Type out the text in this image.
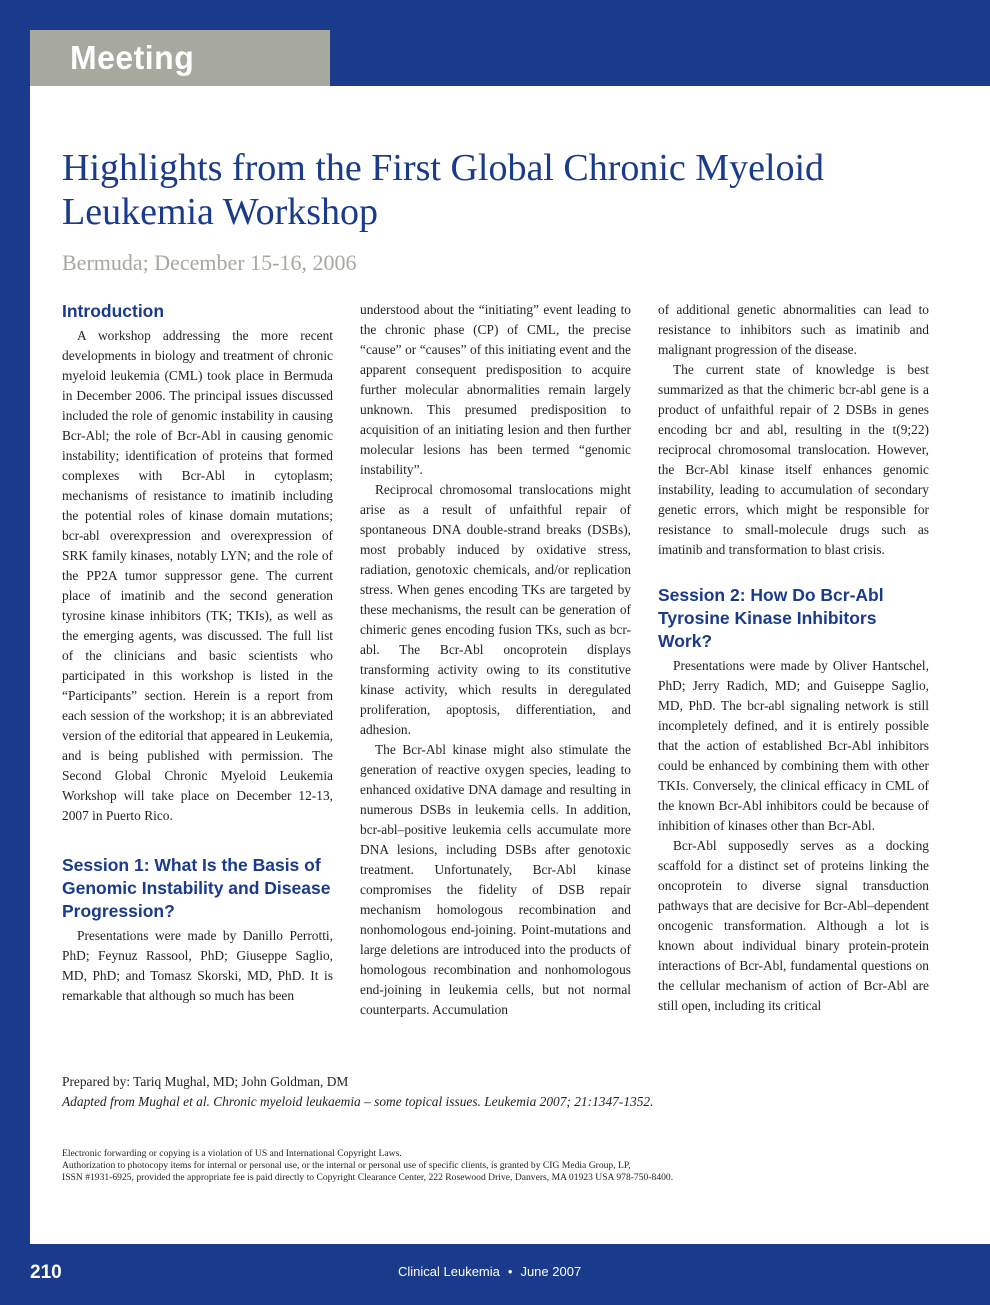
Meeting Highlights
Highlights from the First Global Chronic Myeloid Leukemia Workshop
Bermuda; December 15-16, 2006
Introduction

A workshop addressing the more recent developments in biology and treatment of chronic myeloid leukemia (CML) took place in Bermuda in December 2006. The principal issues discussed included the role of genomic instability in causing Bcr-Abl; the role of Bcr-Abl in causing genomic instability; identification of proteins that formed complexes with Bcr-Abl in cytoplasm; mechanisms of resistance to imatinib including the potential roles of kinase domain mutations; bcr-abl overexpression and overexpression of SRK family kinases, notably LYN; and the role of the PP2A tumor suppressor gene. The current place of imatinib and the second generation tyrosine kinase inhibitors (TK; TKIs), as well as the emerging agents, was discussed. The full list of the clinicians and basic scientists who participated in this workshop is listed in the “Participants” section. Herein is a report from each session of the workshop; it is an abbreviated version of the editorial that appeared in Leukemia, and is being published with permission. The Second Global Chronic Myeloid Leukemia Workshop will take place on December 12-13, 2007 in Puerto Rico.

Session 1: What Is the Basis of Genomic Instability and Disease Progression?

Presentations were made by Danillo Perrotti, PhD; Feynuz Rassool, PhD; Giuseppe Saglio, MD, PhD; and Tomasz Skorski, MD, PhD. It is remarkable that although so much has been

understood about the “initiating” event leading to the chronic phase (CP) of CML, the precise “cause” or “causes” of this initiating event and the apparent consequent predisposition to acquire further molecular abnormalities remain largely unknown. This presumed predisposition to acquisition of an initiating lesion and then further molecular lesions has been termed “genomic instability”.

Reciprocal chromosomal translocations might arise as a result of unfaithful repair of spontaneous DNA double-strand breaks (DSBs), most probably induced by oxidative stress, radiation, genotoxic chemicals, and/or replication stress. When genes encoding TKs are targeted by these mechanisms, the result can be generation of chimeric genes encoding fusion TKs, such as bcr-abl. The Bcr-Abl oncoprotein displays transforming activity owing to its constitutive kinase activity, which results in deregulated proliferation, apoptosis, differentiation, and adhesion.

The Bcr-Abl kinase might also stimulate the generation of reactive oxygen species, leading to enhanced oxidative DNA damage and resulting in numerous DSBs in leukemia cells. In addition, bcr-abl–positive leukemia cells accumulate more DNA lesions, including DSBs after genotoxic treatment. Unfortunately, Bcr-Abl kinase compromises the fidelity of DSB repair mechanism homologous recombination and nonhomologous end-joining. Point-mutations and large deletions are introduced into the products of homologous recombination and nonhomologous end-joining in leukemia cells, but not normal counterparts. Accumulation

of additional genetic abnormalities can lead to resistance to inhibitors such as imatinib and malignant progression of the disease.

The current state of knowledge is best summarized as that the chimeric bcr-abl gene is a product of unfaithful repair of 2 DSBs in genes encoding bcr and abl, resulting in the t(9;22) reciprocal chromosomal translocation. However, the Bcr-Abl kinase itself enhances genomic instability, leading to accumulation of secondary genetic errors, which might be responsible for resistance to small-molecule drugs such as imatinib and transformation to blast crisis.

Session 2: How Do Bcr-Abl Tyrosine Kinase Inhibitors Work?

Presentations were made by Oliver Hantschel, PhD; Jerry Radich, MD; and Guiseppe Saglio, MD, PhD. The bcr-abl signaling network is still incompletely defined, and it is entirely possible that the action of established Bcr-Abl inhibitors could be enhanced by combining them with other TKIs. Conversely, the clinical efficacy in CML of the known Bcr-Abl inhibitors could be because of inhibition of kinases other than Bcr-Abl.

Bcr-Abl supposedly serves as a docking scaffold for a distinct set of proteins linking the oncoprotein to diverse signal transduction pathways that are decisive for Bcr-Abl–dependent oncogenic transformation. Although a lot is known about individual binary protein-protein interactions of Bcr-Abl, fundamental questions on the cellular mechanism of action of Bcr-Abl are still open, including its critical

Prepared by: Tariq Mughal, MD; John Goldman, DM
Adapted from Mughal et al. Chronic myeloid leukaemia – some topical issues. Leukemia 2007; 21:1347-1352.
Electronic forwarding or copying is a violation of US and International Copyright Laws.
Authorization to photocopy items for internal or personal use, or the internal or personal use of specific clients, is granted by CIG Media Group, LP,
ISSN #1931-6925, provided the appropriate fee is paid directly to Copyright Clearance Center, 222 Rosewood Drive, Danvers, MA 01923 USA 978-750-8400.
210	Clinical Leukemia • June 2007
